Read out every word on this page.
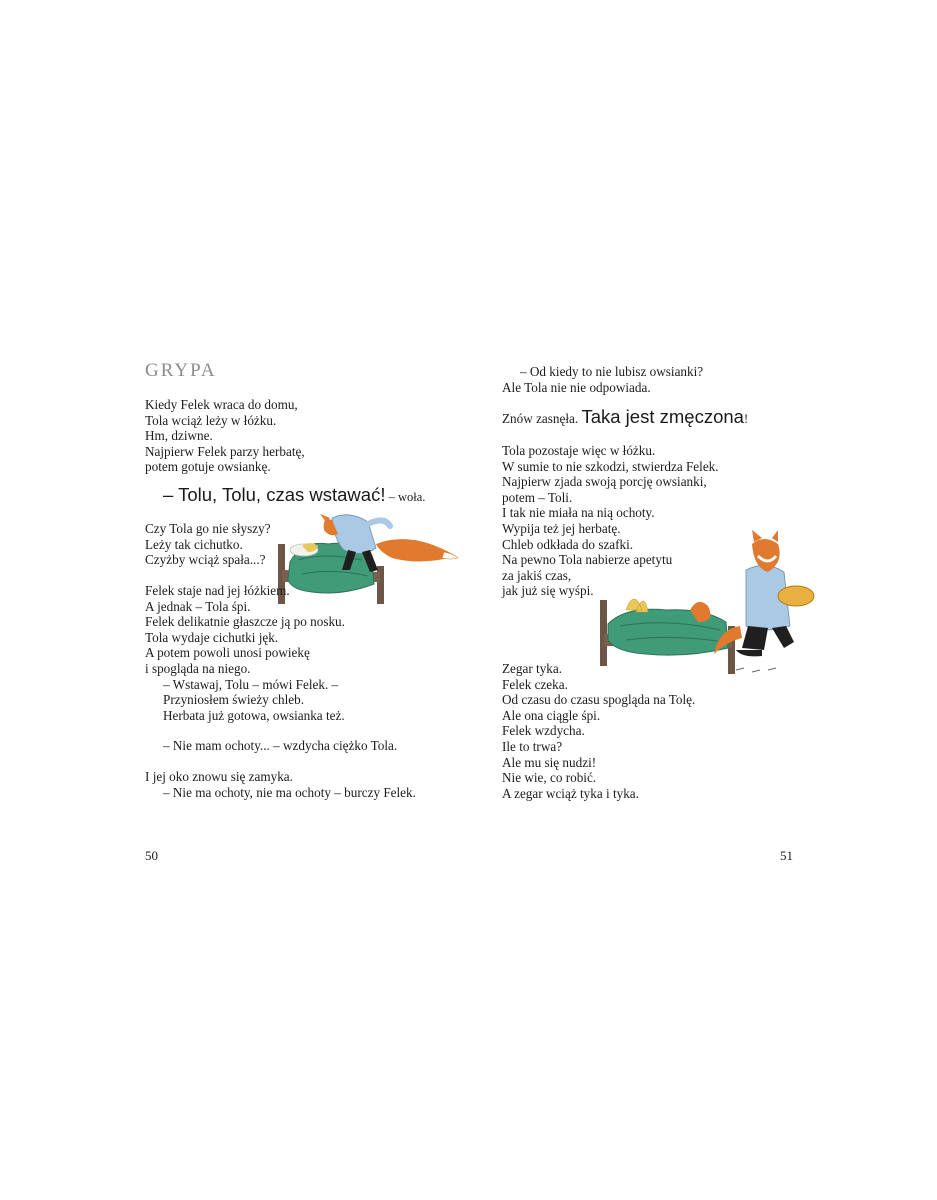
GRYPA

Kiedy Felek wraca do domu,
Tola wciąż leży w łóżku.
Hm, dziwne.
Najpierw Felek parzy herbatę,
potem gotuje owsiankę.

– Tolu, Tolu, czas wstawać! – woła.

Czy Tola go nie słyszy?
Leży tak cichutko.
Czyżby wciąż spała...?

Felek staje nad jej łóżkiem.
A jednak – Tola śpi.
Felek delikatnie głaszcze ją po nosku.
Tola wydaje cichutki jęk.
A potem powoli unosi powiekę
i spogląda na niego.
– Wstawaj, Tolu – mówi Felek. –
Przyniosłem świeży chleb.
Herbata już gotowa, owsianka też.

– Nie mam ochoty... – wzdycha ciężko Tola.

I jej oko znowu się zamyka.
– Nie ma ochoty, nie ma ochoty – burczy Felek.

50

– Od kiedy to nie lubisz owsianki?
Ale Tola nie nie odpowiada.

Znów zasnęła. Taka jest zmęczona!

Tola pozostaje więc w łóżku.
W sumie to nie szkodzi, stwierdza Felek.
Najpierw zjada swoją porcję owsianki,
potem – Toli.
I tak nie miała na nią ochoty.
Wypija też jej herbatę.
Chleb odkłada do szafki.
Na pewno Tola nabierze apetytu
za jakiś czas,
jak już się wyśpi.

Zegar tyka.
Felek czeka.
Od czasu do czasu spogląda na Tolę.
Ale ona ciągle śpi.
Felek wzdycha.
Ile to trwa?
Ale mu się nudzi!
Nie wie, co robić.
A zegar wciąż tyka i tyka.

51
